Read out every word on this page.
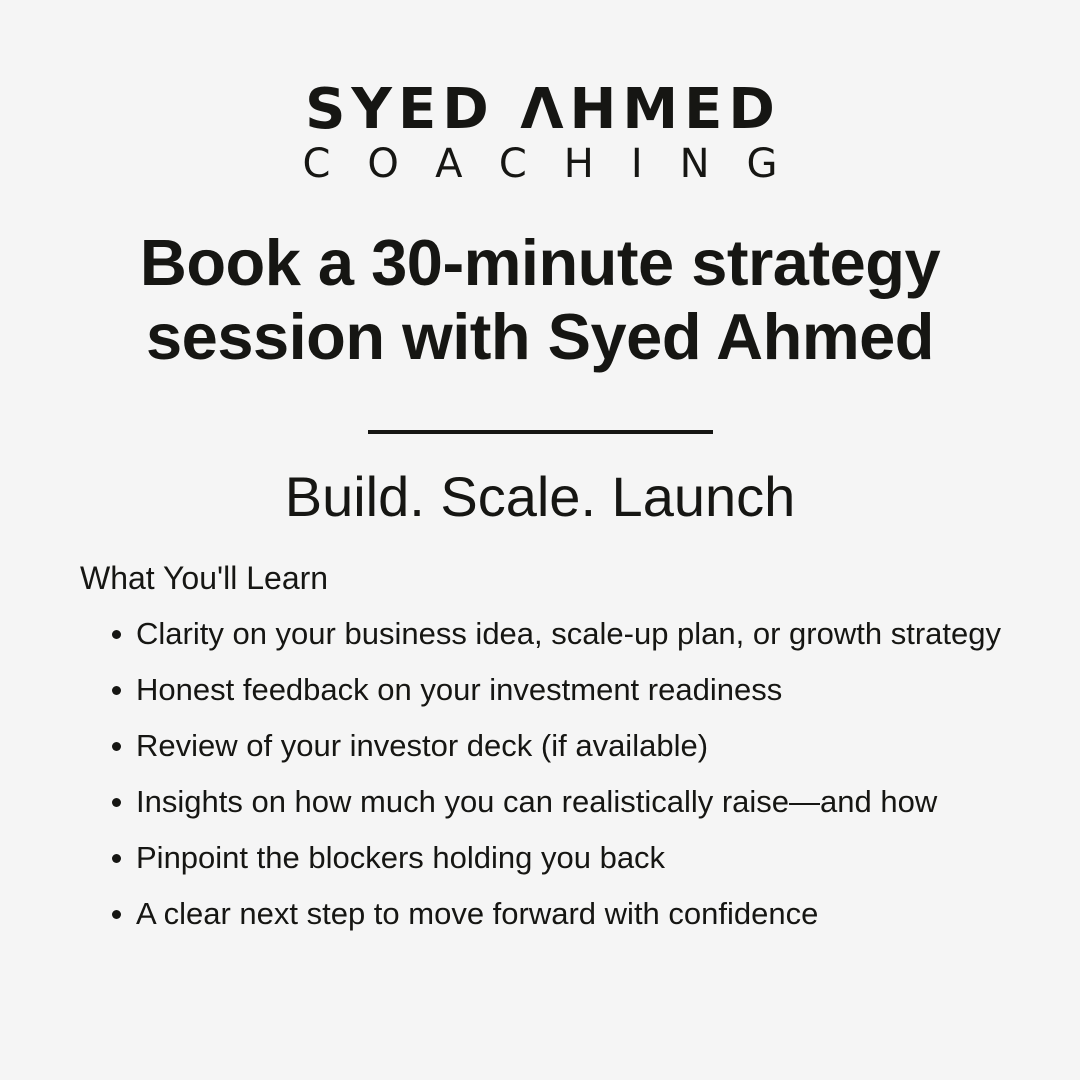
SYED ΛHMED
COACHING
Book a 30-minute strategy session with Syed Ahmed
Build. Scale. Launch
What You'll Learn
Clarity on your business idea, scale-up plan, or growth strategy
Honest feedback on your investment readiness
Review of your investor deck (if available)
Insights on how much you can realistically raise—and how
Pinpoint the blockers holding you back
A clear next step to move forward with confidence
